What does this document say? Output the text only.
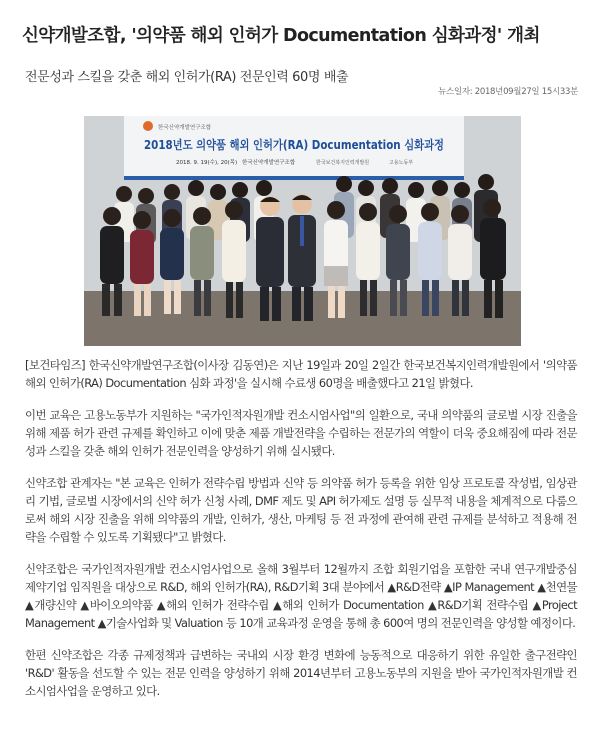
신약개발조합, '의약품 해외 인허가 Documentation 심화과정' 개최
전문성과 스킬을 갖춘 해외 인허가(RA) 전문인력 60명 배출
뉴스일자: 2018년09월27일 15시33분
한국신약개발연구조합
2018년도 의약품 해외 인허가(RA) Documentation 심화과정
2018. 9. 19(수), 20(목) 한국신약개발연구조합	한국보건복지인력개발원	고용노동부

[보건타임즈] 한국신약개발연구조합(이사장 김동연)은 지난 19일과 20일 2일간 한국보건복지인력개발원에서 '의약품 해외 인허가(RA) Documentation 심화 과정'을 실시해 수료생 60명을 배출했다고 21일 밝혔다.

이번 교육은 고용노동부가 지원하는 "국가인적자원개발 컨소시엄사업"의 일환으로, 국내 의약품의 글로벌 시장 진출을 위해 제품 허가 관련 규제를 확인하고 이에 맞춘 제품 개발전략을 수립하는 전문가의 역할이 더욱 중요해짐에 따라 전문성과 스킬을 갖춘 해외 인허가 전문인력을 양성하기 위해 실시됐다.

신약조합 관계자는 "본 교육은 인허가 전략수립 방법과 신약 등 의약품 허가 등록을 위한 임상 프로토콜 작성법, 임상관리 기법, 글로벌 시장에서의 신약 허가 신청 사례, DMF 제도 및 API 허가제도 설명 등 실무적 내용을 체계적으로 다룸으로써 해외 시장 진출을 위해 의약품의 개발, 인허가, 생산, 마케팅 등 전 과정에 관여해 관련 규제를 분석하고 적용해 전략을 수립할 수 있도록 기획됐다"고 밝혔다.

신약조합은 국가인적자원개발 컨소시엄사업으로 올해 3월부터 12월까지 조합 회원기업을 포함한 국내 연구개발중심 제약기업 임직원을 대상으로 R&D, 해외 인허가(RA), R&D기획 3대 분야에서 ▲R&D전략 ▲IP Management ▲천연물 ▲개량신약 ▲바이오의약품 ▲해외 인허가 전략수립 ▲해외 인허가 Documentation ▲R&D기획 전략수립 ▲Project Management ▲기술사업화 및 Valuation 등 10개 교육과정 운영을 통해 총 600여 명의 전문인력을 양성할 예정이다.

한편 신약조합은 각종 규제정책과 급변하는 국내외 시장 환경 변화에 능동적으로 대응하기 위한 유일한 출구전략인 'R&D' 활동을 선도할 수 있는 전문 인력을 양성하기 위해 2014년부터 고용노동부의 지원을 받아 국가인적자원개발 컨소시엄사업을 운영하고 있다.
